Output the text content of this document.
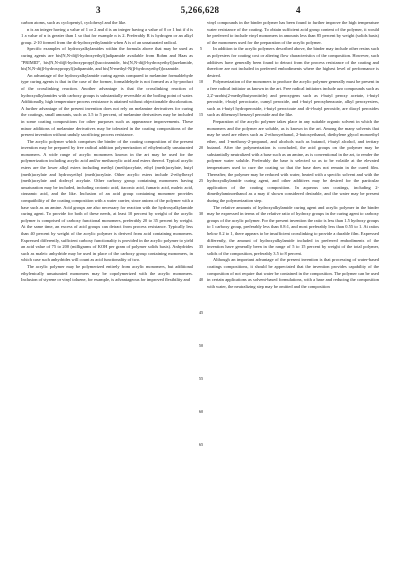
3	5,266,628	4

carbon atoms, such as cyclopentyl, cyclohexyl and the like.

n is an integer having a value of 1 or 2 and d is an integer having a value of 0 or 1 but if d is 1 a value of n is greater than 1 so that for example n is 2. Preferably R is hydrogen or an alkyl group. 2-10 formed from the di-hydroxyethylamide when A is of an unsaturated radical.

Specific examples of hydroxyalkylamides within the formula above that may be used as curing agents are bis[N,N-di(β-hydroxyethyl)]adipamide available from Rohm and Haas as "PRIMID", bis[N,N-di(β-hydroxypropyl)]succinamide, bis[N,N-di(β-hydroxyethyl)]azelamide, bis[N,N-di(β-hydroxypropyl)]adipamide, and bis[N-methyl-N(β-hydroxyethyl)]oxamide.

An advantage of the hydroxyalkylamide curing agents compared to melamine formaldehyde type curing agents is that in the case of the former, formaldehyde is not formed as a by-product of the crosslinking reaction. Another advantage is that the crosslinking reaction of hydroxyalkylamides with carboxy groups is substantially reversible at the boiling point of water. Additionally, high temperature process resistance is attained without objectionable discoloration. A further advantage of the present invention does not rely on melamine derivatives for curing the coatings, small amounts, such as 3.5 to 5 percent, of melamine derivatives may be included in some coating compositions for other purposes such as appearance improvements. These minor additions of melamine derivatives may be tolerated in the coating compositions of the present invention without unduly sacrificing process resistance.

The acrylic polymer which comprises the binder of the coating composition of the present invention may be prepared by free radical addition polymerization of ethylenically unsaturated monomers. A wide range of acrylic monomers known in the art may be used for the polymerization including acrylic acid and/or methacrylic acid and esters thereof. Typical acrylic esters are the lower alkyl esters including methyl (meth)acrylate, ethyl (meth)acrylate, butyl (meth)acrylate and hydroxyethyl (meth)acrylate. Other acrylic esters include 2-ethylhexyl (meth)acrylate and dodecyl acrylate. Other carboxy group containing monomers having unsaturation may be included, including crotonic acid, itaconic acid, fumaric acid, maleic acid, cinnamic acid, and the like. Inclusion of an acid group containing monomer provides compatibility of the coating composition with a water carrier, since anions of the polymer with a base such as an amine. Acid groups are also necessary for reaction with the hydroxyalkylamide curing agent. To provide for both of these needs, at least 10 percent by weight of the acrylic polymer is comprised of carboxy functional monomers, preferably 20 to 35 percent by weight. At the same time, an excess of acid groups can detract from process resistance. Typically less than 40 percent by weight of the acrylic polymer is derived from acid containing monomers. Expressed differently, sufficient carboxy functionality is provided in the acrylic polymer to yield an acid value of 75 to 200 (milligrams of KOH per gram of polymer solids basis). Anhydrides such as maleic anhydride may be used in place of the carboxy group containing monomers, in which case such anhydrides will count as acid functionality of two.

The acrylic polymer may be polymerized entirely from acrylic monomers, but additional ethylenically unsaturated monomers may be copolymerized with the acrylic monomers. Inclusion of styrene or vinyl toluene, for example, is advantageous for improved flexibility and

5
10
15
20
25
30
35
40
45
50
55
60
65

vinyl compounds in the binder polymer has been found to further improve the high temperature water resistance of the coating. To obtain sufficient acid group content of the polymer, it would be preferred to include vinyl monomers in amounts less than 85 percent by weight (solids basis) of the monomers used for the preparation of the acrylic polymer.

In addition to the acrylic polymers described above, the binder may include other resins such as polyesters for coating cost or altering flow characteristics of the composition. However, such additives have generally been found to detract from the process resistance of the coating and therefore are not included in preferred embodiments where the highest level of performance is desired.

Polymerization of the monomers to produce the acrylic polymer generally must be present in a free radical initiator as known in the art. Free radical initiators include azo compounds such as 2,2'-azobis(2-methylbutyronitrile) and peroxygens such as t-butyl peroxy acetate, t-butyl peroxide, t-butyl peroctoate, cumyl peroxide, and t-butyl peroxybenzoate, alkyl peroxyesters, such as t-butyl hydroperoxide, t-butyl peroctoate and di-t-butyl peroxide, are diacyl peroxides such as dibenzoyl benzoyl peroxide and the like.

Preparation of the acrylic polymer takes place in any suitable organic solvent in which the monomers and the polymer are soluble, as is known in the art. Among the many solvents that may be used are ethers such as 2-ethoxyethanol, 2-butoxyethanol, diethylene glycol monoethyl ether, and 1-methoxy-2-propanol, and alcohols such as butanol, t-butyl alcohol, and tertiary butanol. After the polymerization is concluded, the acid groups on the polymer may be substantially neutralized with a base such as an amine, as is conventional in the art, to render the polymer water soluble. Preferably the base is selected so as to be volatile at the elevated temperatures used to cure the coating so that the base does not remain in the cured film. Thereafter, the polymer may be reduced with water, heated with a specific solvent and with the hydroxyalkylamide curing agent, and other additives may be desired for the particular application of the coating composition. In aqueous can coatings, including 2-dimethylaminoethanol as a may if shown considered desirable, and the water may be present during the polymerization step.

The relative amounts of hydroxyalkylamide curing agent and acrylic polymer in the binder may be expressed in terms of the relative ratio of hydroxy groups in the curing agent to carboxy groups of the acrylic polymer. For the present invention the ratio is less than 1.5 hydroxy groups to 1 carboxy group, preferably less than 0.8:1, and most preferably less than 0.55 to 1. At ratios below 0.2 to 1, there appears to be insufficient crosslinking to provide a durable film. Expressed differently, the amount of hydroxyalkylamide included in preferred embodiments of the invention have generally been in the range of 5 to 15 percent by weight of the total polymer, solids of the composition, preferably 3.5 to 8 percent.

Although an important advantage of the present invention is that processing of water-based coatings compositions, it should be appreciated that the invention provides capability of the composition of not require that water be contained in the composition. The polymer can be used in certain applications as solvent-based formulations, with a base and reducing the composition with water, the neutralizing step may be omitted and the composition
